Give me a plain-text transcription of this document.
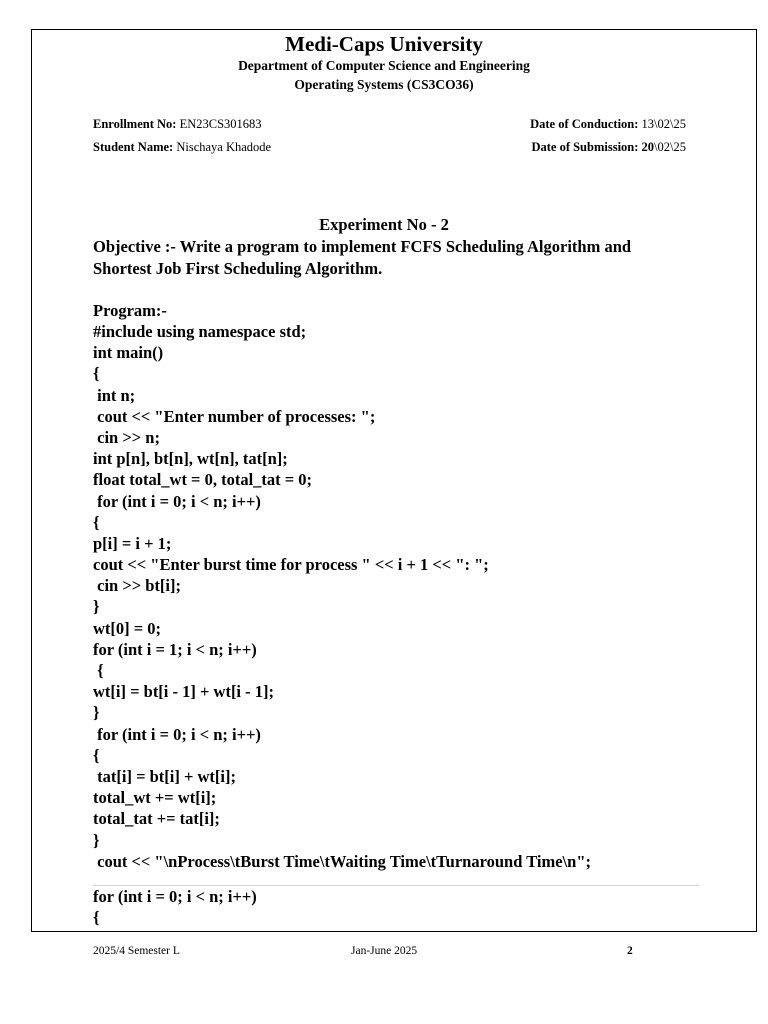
Medi-Caps University
Department of Computer Science and Engineering
Operating Systems (CS3CO36)
Enrollment No: EN23CS301683
Student Name: Nischaya Khadode
Date of Conduction: 13\02\25
Date of Submission: 20\02\25
Experiment No - 2
Objective :- Write a program to implement FCFS Scheduling Algorithm and Shortest Job First Scheduling Algorithm.
Program:-
#include using namespace std;
int main()
{
int n;
cout << "Enter number of processes: ";
cin >> n;
int p[n], bt[n], wt[n], tat[n];
float total_wt = 0, total_tat = 0;
for (int i = 0; i < n; i++)
{
p[i] = i + 1;
cout << "Enter burst time for process " << i + 1 << ": ";
cin >> bt[i];
}
wt[0] = 0;
for (int i = 1; i < n; i++)
{
wt[i] = bt[i - 1] + wt[i - 1];
}
for (int i = 0; i < n; i++)
{
tat[i] = bt[i] + wt[i];
total_wt += wt[i];
total_tat += tat[i];
}
cout << "\nProcess\tBurst Time\tWaiting Time\tTurnaround Time\n";
for (int i = 0; i < n; i++)
{
2025/4 Semester L	Jan-June 2025	2
